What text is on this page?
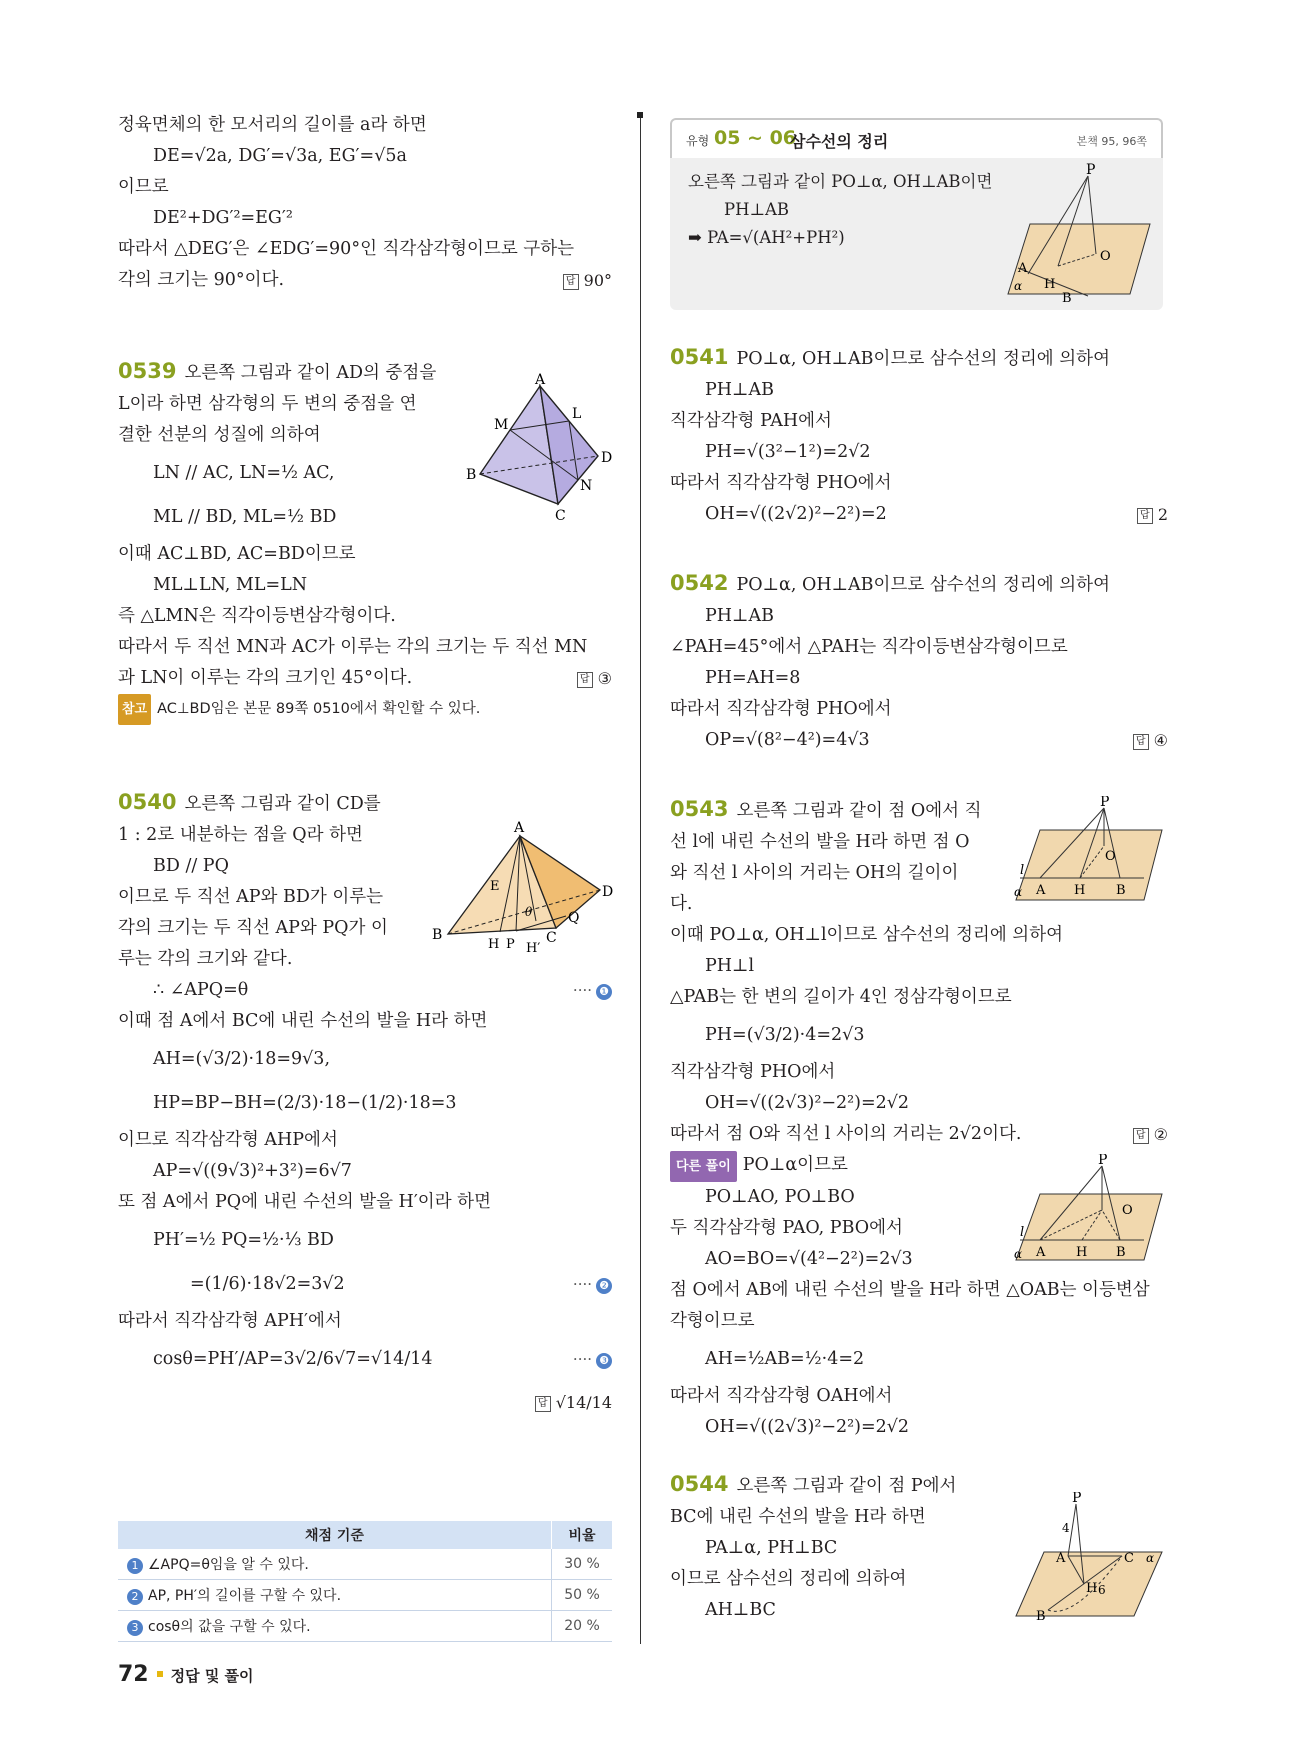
정육면체의 한 모서리의 길이를 a라 하면
DE=√2a, DG′=√3a, EG′=√5a
이므로
DE²+DG′²=EG′²
따라서 △DEG′은 ∠EDG′=90°인 직각삼각형이므로 구하는
각의 크기는 90°이다.	답 90°
0539 오른쪽 그림과 같이 AD의 중점을
L이라 하면 삼각형의 두 변의 중점을 연
결한 선분의 성질에 의하여
LN // AC, LN=½ AC,
ML // BD, ML=½ BD
이때 AC⊥BD, AC=BD이므로
ML⊥LN, ML=LN
즉 △LMN은 직각이등변삼각형이다.
따라서 두 직선 MN과 AC가 이루는 각의 크기는 두 직선 MN
과 LN이 이루는 각의 크기인 45°이다.	답 ③
참고 AC⊥BD임은 본문 89쪽 0510에서 확인할 수 있다.
0540 오른쪽 그림과 같이 CD를
1 : 2로 내분하는 점을 Q라 하면
BD // PQ
이므로 두 직선 AP와 BD가 이루는
각의 크기는 두 직선 AP와 PQ가 이
루는 각의 크기와 같다.
∴ ∠APQ=θ	···· ❶
이때 점 A에서 BC에 내린 수선의 발을 H라 하면
AH=(√3/2)·18=9√3,
HP=BP−BH=(2/3)·18−(1/2)·18=3
이므로 직각삼각형 AHP에서
AP=√((9√3)²+3²)=6√7
또 점 A에서 PQ에 내린 수선의 발을 H′이라 하면
PH′=½ PQ=½·⅓ BD
=(1/6)·18√2=3√2	···· ❷
따라서 직각삼각형 APH′에서
cosθ=PH′/AP=3√2/6√7=√14/14	···· ❸

답 √14/14
A
M
L
B
D
N
C
A
D
E
B
H P H′
θ	Q
C
채점 기준	비율
1 ∠APQ=θ임을 알 수 있다.	30 %
2 AP, PH′의 길이를 구할 수 있다.	50 %
3 cosθ의 값을 구할 수 있다.	20 %
72 정답 및 풀이
유형 05 ~ 06
삼수선의 정리	본책 95, 96쪽
오른쪽 그림과 같이 PO⊥α, OH⊥AB이면
PH⊥AB
➡ PA=√(AH²+PH²)
P
A
H
B
O
α
0541 PO⊥α, OH⊥AB이므로 삼수선의 정리에 의하여
PH⊥AB
직각삼각형 PAH에서
PH=√(3²−1²)=2√2
따라서 직각삼각형 PHO에서
OH=√((2√2)²−2²)=2	답 2
0542 PO⊥α, OH⊥AB이므로 삼수선의 정리에 의하여
PH⊥AB
∠PAH=45°에서 △PAH는 직각이등변삼각형이므로
PH=AH=8
따라서 직각삼각형 PHO에서
OP=√(8²−4²)=4√3	답 ④
0543 오른쪽 그림과 같이 점 O에서 직
선 l에 내린 수선의 발을 H라 하면 점 O
와 직선 l 사이의 거리는 OH의 길이이
다.
이때 PO⊥α, OH⊥l이므로 삼수선의 정리에 의하여
PH⊥l
△PAB는 한 변의 길이가 4인 정삼각형이므로
PH=(√3/2)·4=2√3
직각삼각형 PHO에서
OH=√((2√3)²−2²)=2√2
따라서 점 O와 직선 l 사이의 거리는 2√2이다.	답 ②
다른 풀이 PO⊥α이므로
PO⊥AO, PO⊥BO
두 직각삼각형 PAO, PBO에서
AO=BO=√(4²−2²)=2√3
점 O에서 AB에 내린 수선의 발을 H라 하면 △OAB는 이등변삼
각형이므로
AH=½AB=½·4=2
따라서 직각삼각형 OAH에서
OH=√((2√3)²−2²)=2√2
0544 오른쪽 그림과 같이 점 P에서
BC에 내린 수선의 발을 H라 하면
PA⊥α, PH⊥BC
이므로 삼수선의 정리에 의하여
AH⊥BC
P
O
l
α A H B
P
O
l
α A H B
P
4
A	C α
H 6
B
